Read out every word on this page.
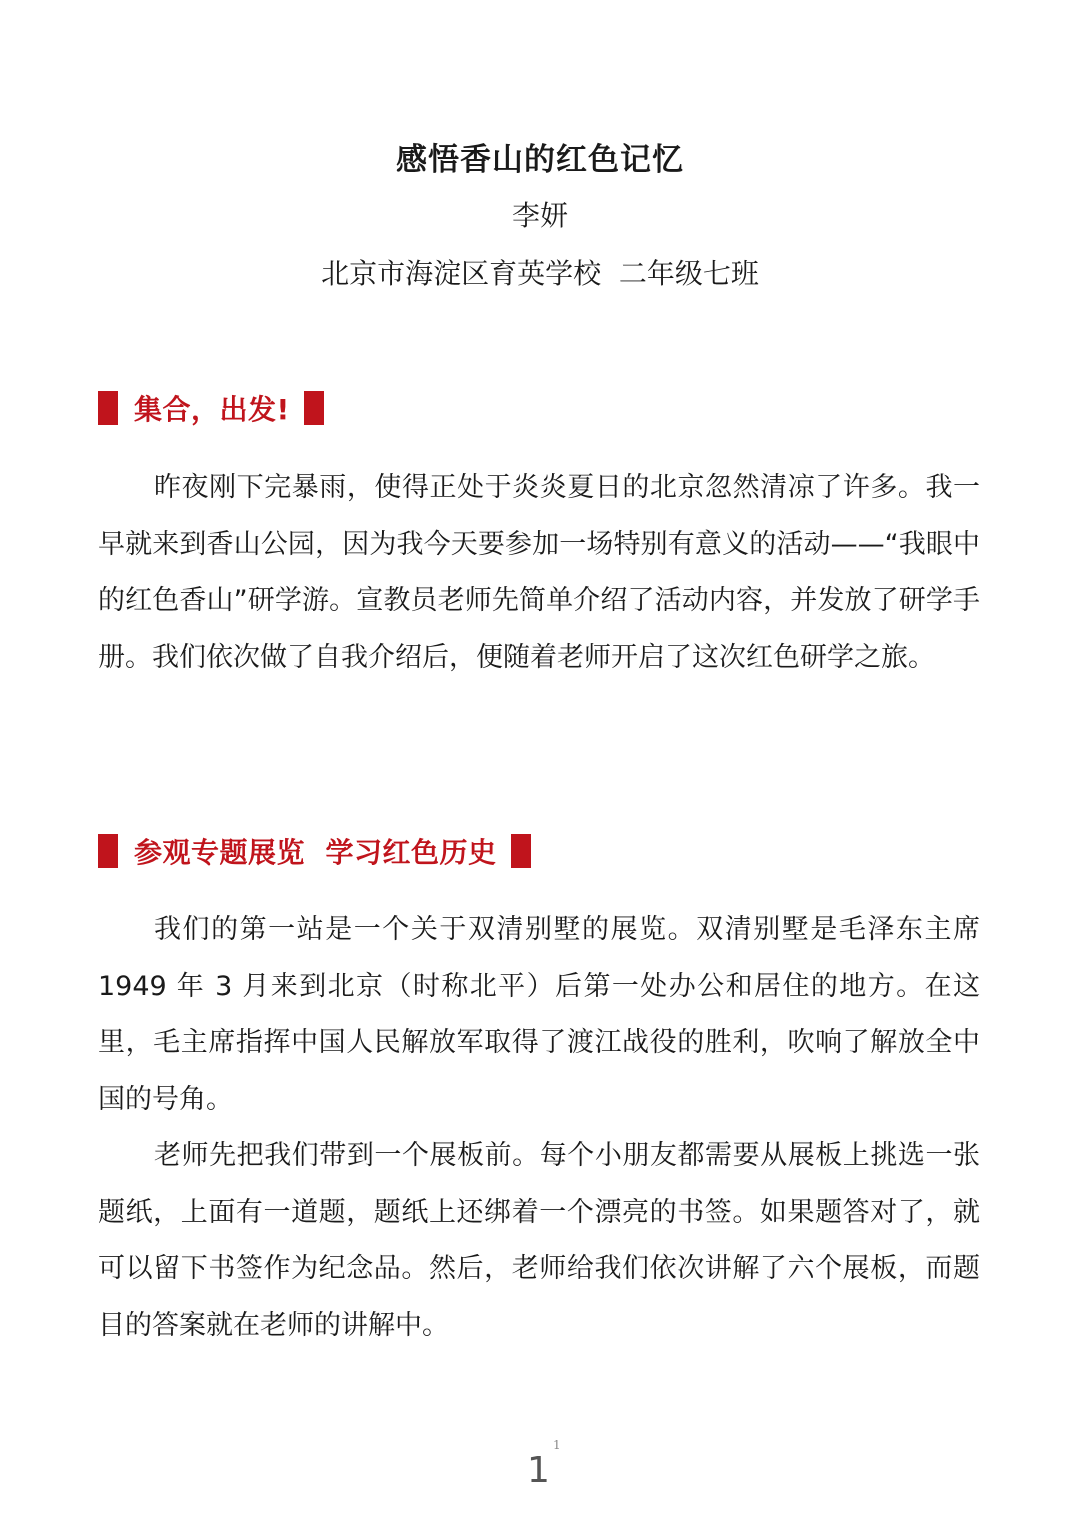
感悟香山的红色记忆
李妍
北京市海淀区育英学校  二年级七班
集合，出发!

昨夜刚下完暴雨，使得正处于炎炎夏日的北京忽然清凉了许多。我一早就来到香山公园，因为我今天要参加一场特别有意义的活动——“我眼中的红色香山”研学游。宣教员老师先简单介绍了活动内容，并发放了研学手册。我们依次做了自我介绍后，便随着老师开启了这次红色研学之旅。

参观专题展览  学习红色历史

我们的第一站是一个关于双清别墅的展览。双清别墅是毛泽东主席 1949 年 3 月来到北京（时称北平）后第一处办公和居住的地方。在这里，毛主席指挥中国人民解放军取得了渡江战役的胜利，吹响了解放全中国的号角。

老师先把我们带到一个展板前。每个小朋友都需要从展板上挑选一张题纸，上面有一道题，题纸上还绑着一个漂亮的书签。如果题答对了，就可以留下书签作为纪念品。然后，老师给我们依次讲解了六个展板，而题目的答案就在老师的讲解中。

1
1
